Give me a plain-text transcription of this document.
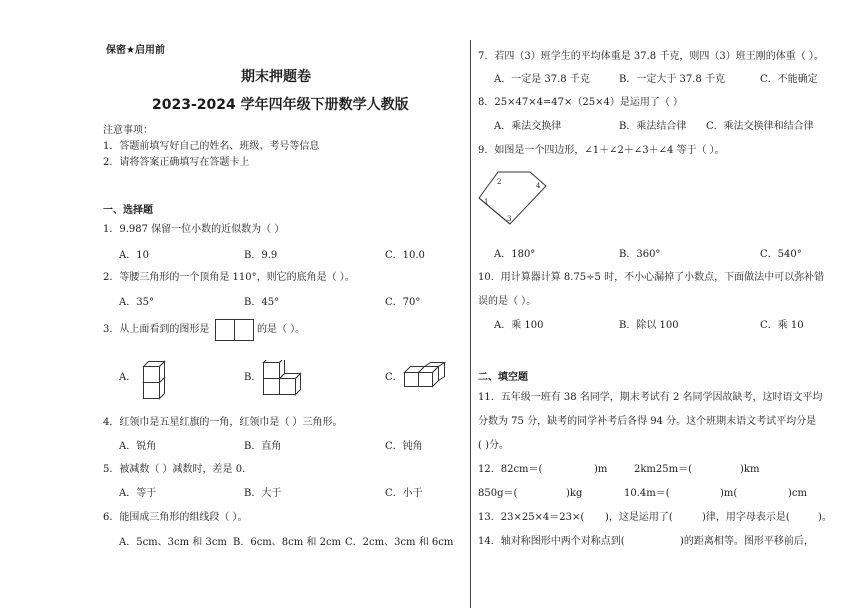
保密★启用前
期末押题卷
2023-2024 学年四年级下册数学人教版
注意事项：
1．答题前填写好自己的姓名、班级、考号等信息
2．请将答案正确填写在答题卡上
一、选择题
1．9.987 保留一位小数的近似数为（ ）
A．10	B．9.9	C．10.0
2．等腰三角形的一个顶角是 110°，则它的底角是（ ）。
A．35°	B．45°	C．70°
3．从上面看到的图形是	的是（ ）。
A．	B．	C．
4．红领巾是五星红旗的一角，红领巾是（ ）三角形。
A．锐角	B．直角	C．钝角
5．被减数（ ）减数时，差是 0．
A．等于	B．大于	C．小于
6．能围成三角形的组线段（ ）。
A．5cm、3cm 和 3cm B．6cm、8cm 和 2cm C．2cm、3cm 和 6cm
7．若四（3）班学生的平均体重是 37.8 千克，则四（3）班王刚的体重（ ）。
A．一定是 37.8 千克	B．一定大于 37.8 千克	C．不能确定
8．25×47×4=47×（25×4）是运用了（ ）
A．乘法交换律	B．乘法结合律 C．乘法交换律和结合律
9．如图是一个四边形，∠1＋∠2＋∠3＋∠4 等于（ ）。
1
2
3
4
A．180°	B．360°	C．540°
10．用计算器计算 8.75÷5 时，不小心漏掉了小数点，下面做法中可以弥补错
误的是（ ）。
A．乘 100	B．除以 100	C．乘 10
二、填空题
11．五年级一班有 38 名同学，期末考试有 2 名同学因故缺考，这时语文平均
分数为 75 分，缺考的同学补考后各得 94 分。这个班期末语文考试平均分是
( )分。
12．82cm＝(	)m	2km25m＝(	)km
850g＝(	)kg	10.4m＝(	)m(	)cm
13．23×25×4＝23×( )，这是运用了(	)律，用字母表示是(	)。
14．轴对称图形中两个对称点到(	)的距离相等。图形平移前后，
